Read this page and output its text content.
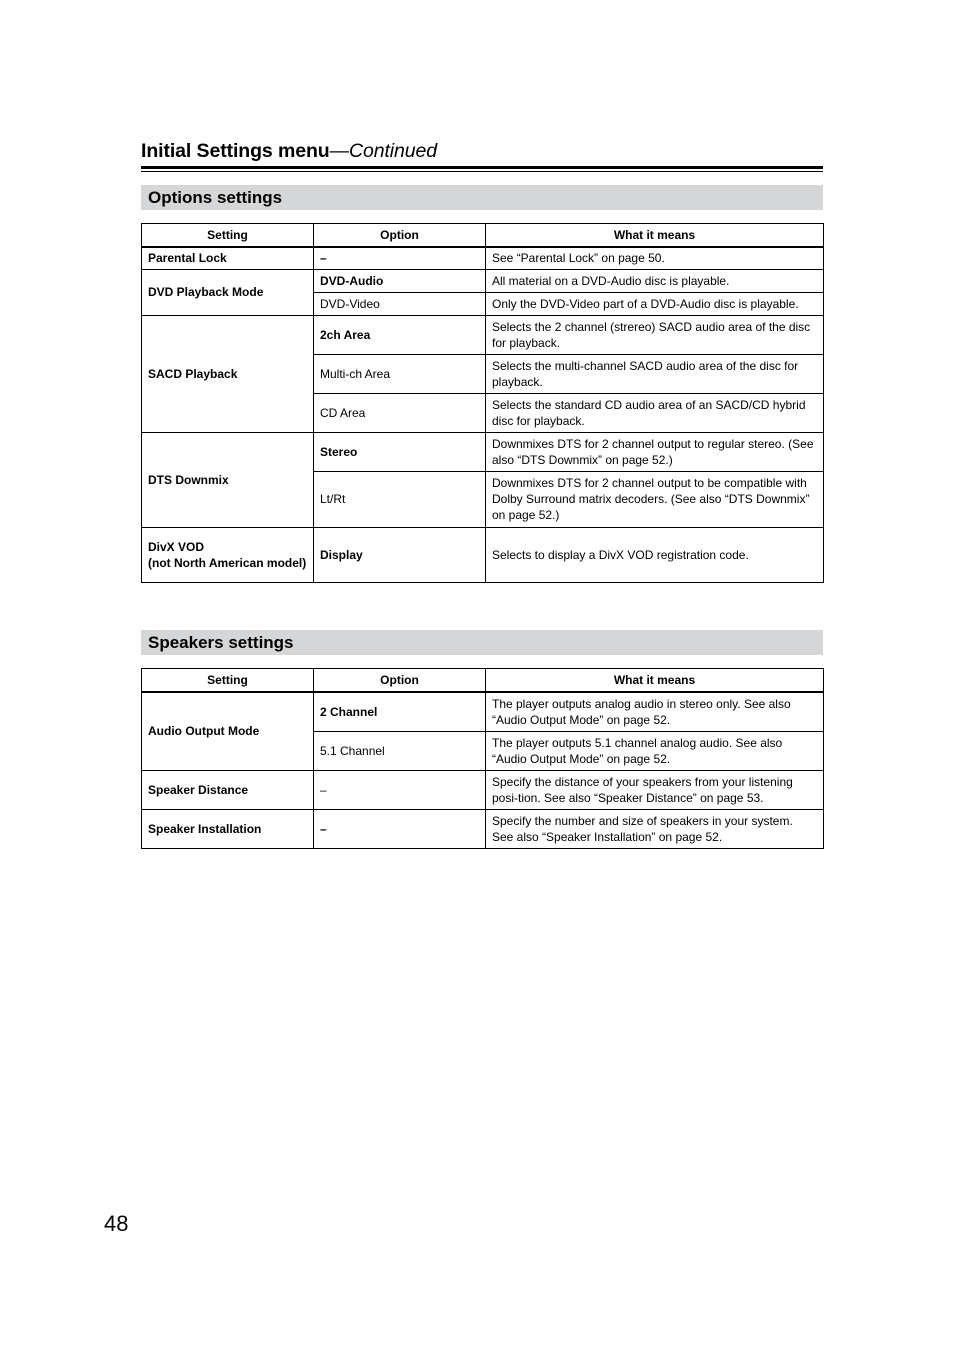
Initial Settings menu—Continued
Options settings
Setting	Option	What it means
Parental Lock	–	See “Parental Lock” on page 50.
DVD Playback Mode	DVD-Audio	All material on a DVD-Audio disc is playable.
	DVD-Video	Only the DVD-Video part of a DVD-Audio disc is playable.
SACD Playback	2ch Area	Selects the 2 channel (strereo) SACD audio area of the disc for playback.
	Multi-ch Area	Selects the multi-channel SACD audio area of the disc for playback.
	CD Area	Selects the standard CD audio area of an SACD/CD hybrid disc for playback.
DTS Downmix	Stereo	Downmixes DTS for 2 channel output to regular stereo. (See also “DTS Downmix” on page 52.)
	Lt/Rt	Downmixes DTS for 2 channel output to be compatible with Dolby Surround matrix decoders. (See also “DTS Downmix” on page 52.)
DivX VOD
(not North American model)	Display	Selects to display a DivX VOD registration code.
Speakers settings
Setting	Option	What it means
Audio Output Mode	2 Channel	The player outputs analog audio in stereo only. See also “Audio Output Mode” on page 52.
	5.1 Channel	The player outputs 5.1 channel analog audio. See also “Audio Output Mode” on page 52.
Speaker Distance	–	Specify the distance of your speakers from your listening posi-tion. See also “Speaker Distance” on page 53.
Speaker Installation	–	Specify the number and size of speakers in your system. See also “Speaker Installation” on page 52.
48
